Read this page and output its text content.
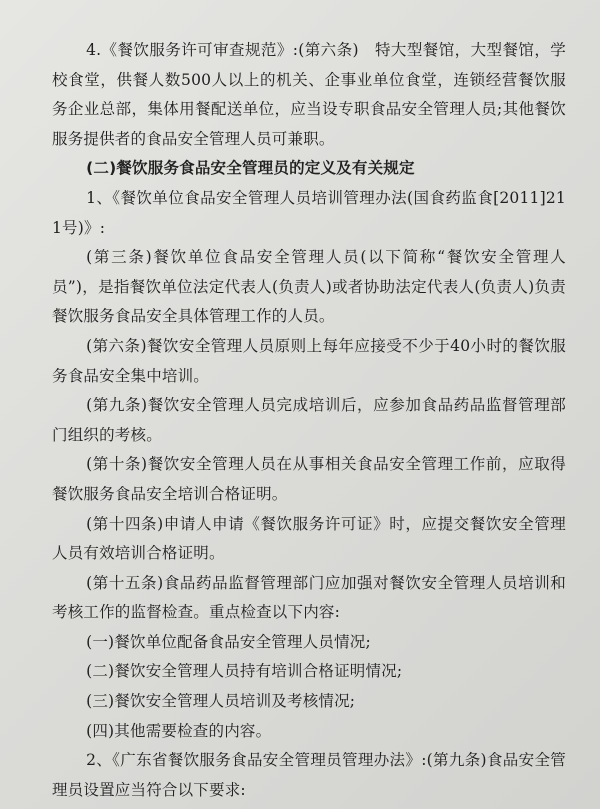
4.《餐饮服务许可审查规范》:(第六条)　特大型餐馆，大型餐馆，学校食堂，供餐人数500人以上的机关、企事业单位食堂，连锁经营餐饮服务企业总部，集体用餐配送单位，应当设专职食品安全管理人员;其他餐饮服务提供者的食品安全管理人员可兼职。

(二)餐饮服务食品安全管理员的定义及有关规定

1、《餐饮单位食品安全管理人员培训管理办法(国食药监食[2011]211号)》:

(第三条)餐饮单位食品安全管理人员(以下简称“餐饮安全管理人员”)，是指餐饮单位法定代表人(负责人)或者协助法定代表人(负责人)负责餐饮服务食品安全具体管理工作的人员。

(第六条)餐饮安全管理人员原则上每年应接受不少于40小时的餐饮服务食品安全集中培训。

(第九条)餐饮安全管理人员完成培训后，应参加食品药品监督管理部门组织的考核。

(第十条)餐饮安全管理人员在从事相关食品安全管理工作前，应取得餐饮服务食品安全培训合格证明。

(第十四条)申请人申请《餐饮服务许可证》时，应提交餐饮安全管理人员有效培训合格证明。

(第十五条)食品药品监督管理部门应加强对餐饮安全管理人员培训和考核工作的监督检查。重点检查以下内容:

(一)餐饮单位配备食品安全管理人员情况;

(二)餐饮安全管理人员持有培训合格证明情况;

(三)餐饮安全管理人员培训及考核情况;

(四)其他需要检查的内容。

2、《广东省餐饮服务食品安全管理员管理办法》:(第九条)食品安全管理员设置应当符合以下要求:
